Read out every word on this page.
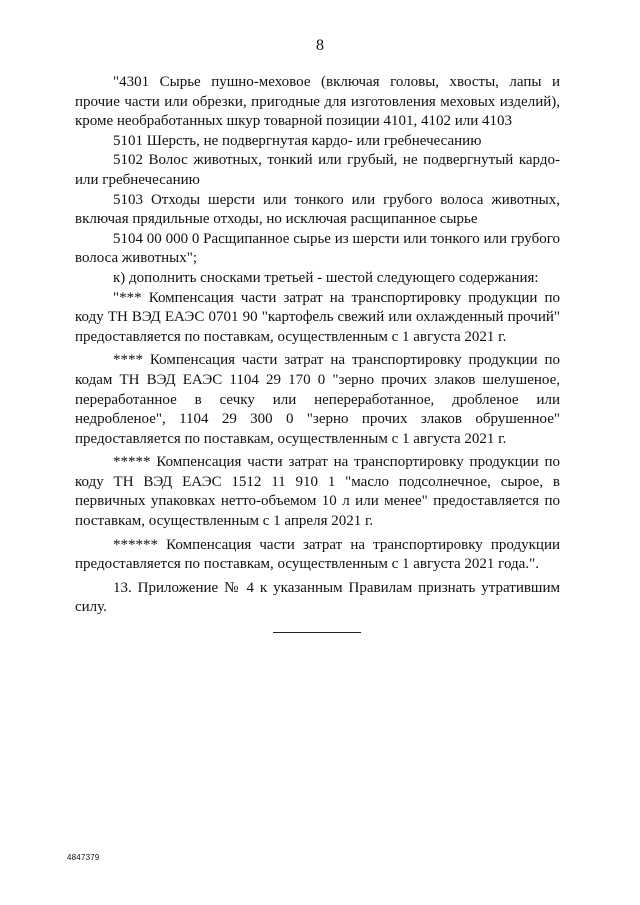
8

"4301 Сырье пушно-меховое (включая головы, хвосты, лапы и прочие части или обрезки, пригодные для изготовления меховых изделий), кроме необработанных шкур товарной позиции 4101, 4102 или 4103

5101 Шерсть, не подвергнутая кардо- или гребнечесанию

5102 Волос животных, тонкий или грубый, не подвергнутый кардо- или гребнечесанию

5103 Отходы шерсти или тонкого или грубого волоса животных, включая прядильные отходы, но исключая расщипанное сырье

5104 00 000 0 Расщипанное сырье из шерсти или тонкого или грубого волоса животных";

к) дополнить сносками третьей - шестой следующего содержания:

"*** Компенсация части затрат на транспортировку продукции по коду ТН ВЭД ЕАЭС 0701 90 "картофель свежий или охлажденный прочий" предоставляется по поставкам, осуществленным с 1 августа 2021 г.

**** Компенсация части затрат на транспортировку продукции по кодам ТН ВЭД ЕАЭС 1104 29 170 0 "зерно прочих злаков шелушеное, переработанное в сечку или непереработанное, дробленое или недробленое", 1104 29 300 0 "зерно прочих злаков обрушенное" предоставляется по поставкам, осуществленным с 1 августа 2021 г.

***** Компенсация части затрат на транспортировку продукции по коду ТН ВЭД ЕАЭС 1512 11 910 1 "масло подсолнечное, сырое, в первичных упаковках нетто-объемом 10 л или менее" предоставляется по поставкам, осуществленным с 1 апреля 2021 г.

****** Компенсация части затрат на транспортировку продукции предоставляется по поставкам, осуществленным с 1 августа 2021 года.".

13. Приложение № 4 к указанным Правилам признать утратившим силу.

4847379
